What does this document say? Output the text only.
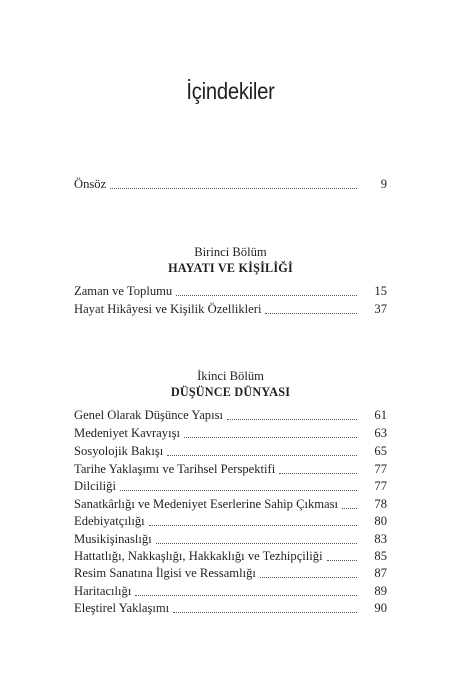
İçindekiler
Önsöz	9
Birinci Bölüm
HAYATI VE KİŞİLİĞİ
Zaman ve Toplumu	15
Hayat Hikâyesi ve Kişilik Özellikleri	37
İkinci Bölüm
DÜŞÜNCE DÜNYASI
Genel Olarak Düşünce Yapısı	61
Medeniyet Kavrayışı	63
Sosyolojik Bakışı	65
Tarihe Yaklaşımı ve Tarihsel Perspektifi	77
Dilciliği	77
Sanatkârlığı ve Medeniyet Eserlerine Sahip Çıkması	78
Edebiyatçılığı	80
Musikişinaslığı	83
Hattatlığı, Nakkaşlığı, Hakkaklığı ve Tezhipçiliği	85
Resim Sanatına İlgisi ve Ressamlığı	87
Haritacılığı	89
Eleştirel Yaklaşımı	90
